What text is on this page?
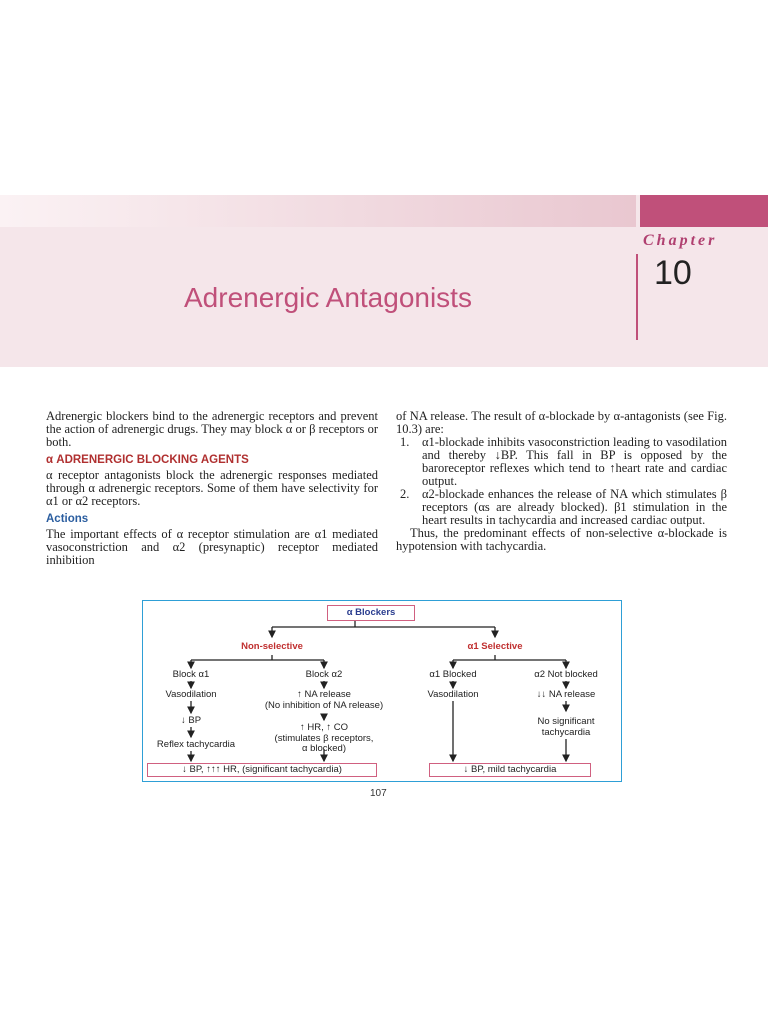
Chapter
10
Adrenergic Antagonists

Adrenergic blockers bind to the adrenergic receptors and prevent the action of adrenergic drugs. They may block α or β receptors or both.

α ADRENERGIC BLOCKING AGENTS

α receptor antagonists block the adrenergic responses mediated through α adrenergic receptors. Some of them have selectivity for α1 or α2 receptors.

Actions

The important effects of α receptor stimulation are α1 mediated vasoconstriction and α2 (presynaptic) receptor mediated inhibition

of NA release. The result of α-blockade by α-antagonists (see Fig. 10.3) are:

1.	α1-blockade inhibits vasoconstriction leading to vasodilation and thereby ↓BP. This fall in BP is opposed by the baroreceptor reflexes which tend to ↑heart rate and cardiac output.
2.	α2-blockade enhances the release of NA which stimulates β receptors (αs are already blocked). β1 stimulation in the heart results in tachycardia and increased cardiac output.

Thus, the predominant effects of non-selective α-blockade is hypotension with tachycardia.

α Blockers
Non-selective	α1 Selective
Block α1	Block α2	α1 Blocked	α2 Not blocked
Vasodilation	↑ NA release
(No inhibition of NA release)
Vasodilation	↓↓ NA release
↓ BP
↑ HR, ↑ CO
(stimulates β receptors,
α blocked)
No significant
tachycardia
Reflex tachycardia
↓ BP, ↑↑↑ HR, (significant tachycardia)	↓ BP, mild tachycardia
107
